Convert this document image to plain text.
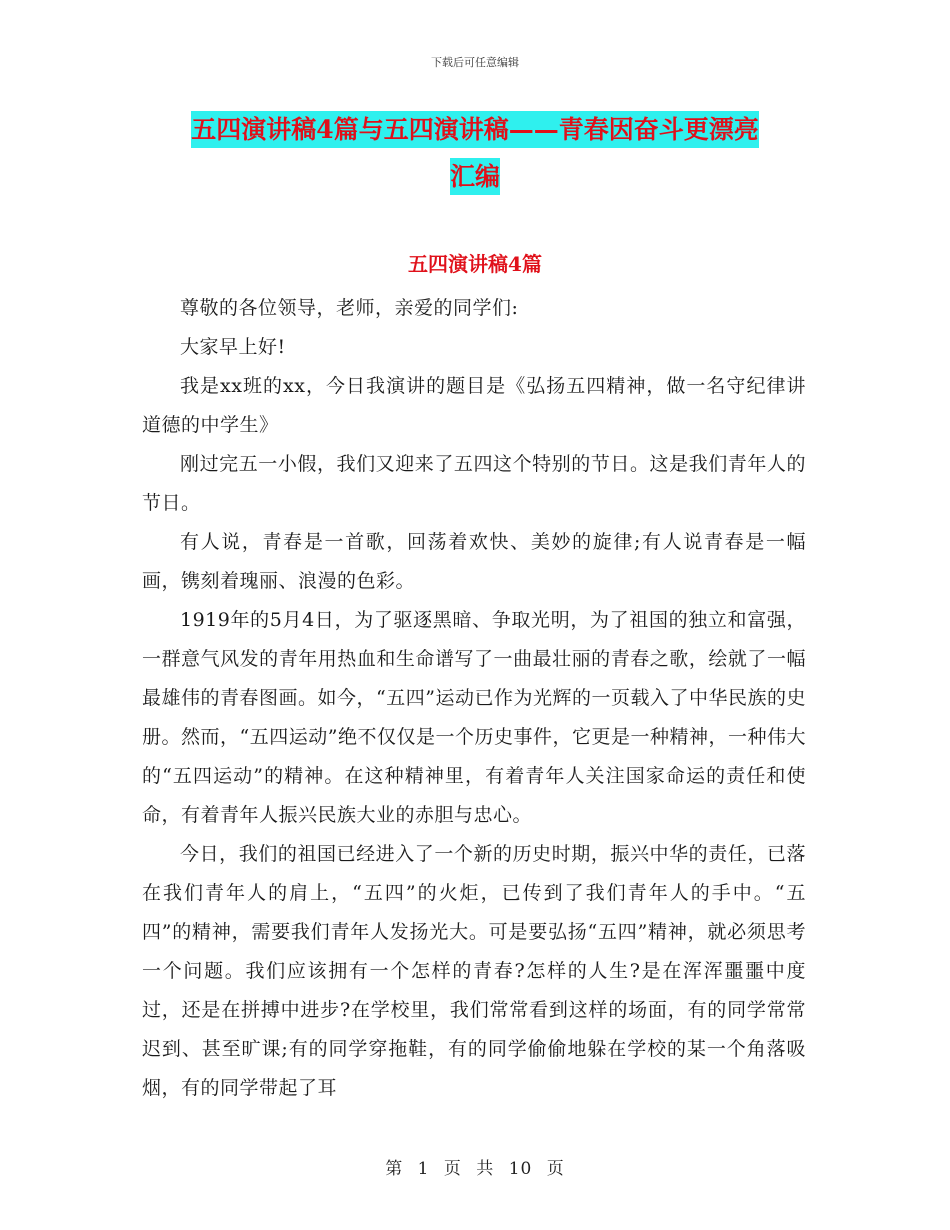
下载后可任意编辑
五四演讲稿4篇与五四演讲稿——青春因奋斗更漂亮
汇编
五四演讲稿4篇

尊敬的各位领导，老师，亲爱的同学们:

大家早上好!

我是xx班的xx，今日我演讲的题目是《弘扬五四精神，做一名守纪律讲道德的中学生》

刚过完五一小假，我们又迎来了五四这个特别的节日。这是我们青年人的节日。

有人说，青春是一首歌，回荡着欢快、美妙的旋律;有人说青春是一幅画，镌刻着瑰丽、浪漫的色彩。

1919年的5月4日，为了驱逐黑暗、争取光明，为了祖国的独立和富强，一群意气风发的青年用热血和生命谱写了一曲最壮丽的青春之歌，绘就了一幅最雄伟的青春图画。如今，“五四”运动已作为光辉的一页载入了中华民族的史册。然而，“五四运动”绝不仅仅是一个历史事件，它更是一种精神，一种伟大的“五四运动”的精神。在这种精神里，有着青年人关注国家命运的责任和使命，有着青年人振兴民族大业的赤胆与忠心。

今日，我们的祖国已经进入了一个新的历史时期，振兴中华的责任，已落在我们青年人的肩上，“五四”的火炬，已传到了我们青年人的手中。“五四”的精神，需要我们青年人发扬光大。可是要弘扬“五四”精神，就必须思考一个问题。我们应该拥有一个怎样的青春?怎样的人生?是在浑浑噩噩中度过，还是在拼搏中进步?在学校里，我们常常看到这样的场面，有的同学常常迟到、甚至旷课;有的同学穿拖鞋，有的同学偷偷地躲在学校的某一个角落吸烟，有的同学带起了耳

第 1 页 共 10 页
